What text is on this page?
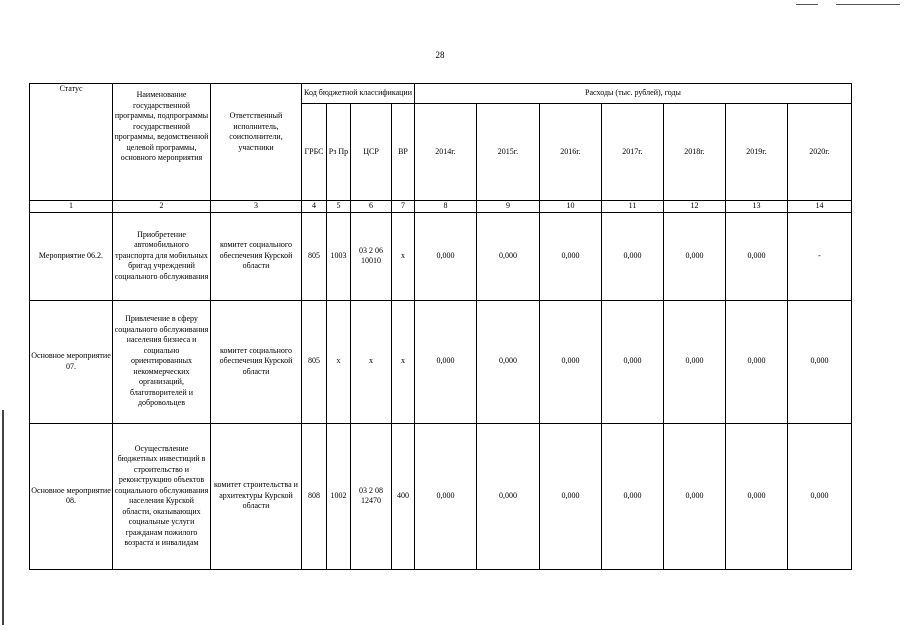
28
Статус	Наименование государственной программы, подпрограммы государственной программы, ведомственной целевой программы, основного мероприятия	Ответственный исполнитель, соисполнители, участники	Код бюджетной классификации				Расходы (тыс. рублей), годы						
			ГРБС	Рз Пр	ЦСР	ВР	2014г.	2015г.	2016г.	2017г.	2018г.	2019г.	2020г.
1	2	3	4	5	6	7	8	9	10	11	12	13	14
Мероприятие 06.2.	Приобретение автомобильного транспорта для мобильных бригад учреждений социального обслуживания	комитет социального обеспечения Курской области	805	1003	03 2 06 10010	х	0,000	0,000	0,000	0,000	0,000	0,000	-
Основное мероприятие 07.	Привлечение в сферу социального обслуживания населения бизнеса и социально ориентированных некоммерческих организаций, благотворителей и добровольцев	комитет социального обеспечения Курской области	805	х	х	х	0,000	0,000	0,000	0,000	0,000	0,000	0,000
Основное мероприятие 08.	Осуществление бюджетных инвестиций в строительство и реконструкцию объектов социального обслуживания населения Курской области, оказывающих социальные услуги гражданам пожилого возраста и инвалидам	комитет строительства и архитектуры Курской области	808	1002	03 2 08 12470	400	0,000	0,000	0,000	0,000	0,000	0,000	0,000
